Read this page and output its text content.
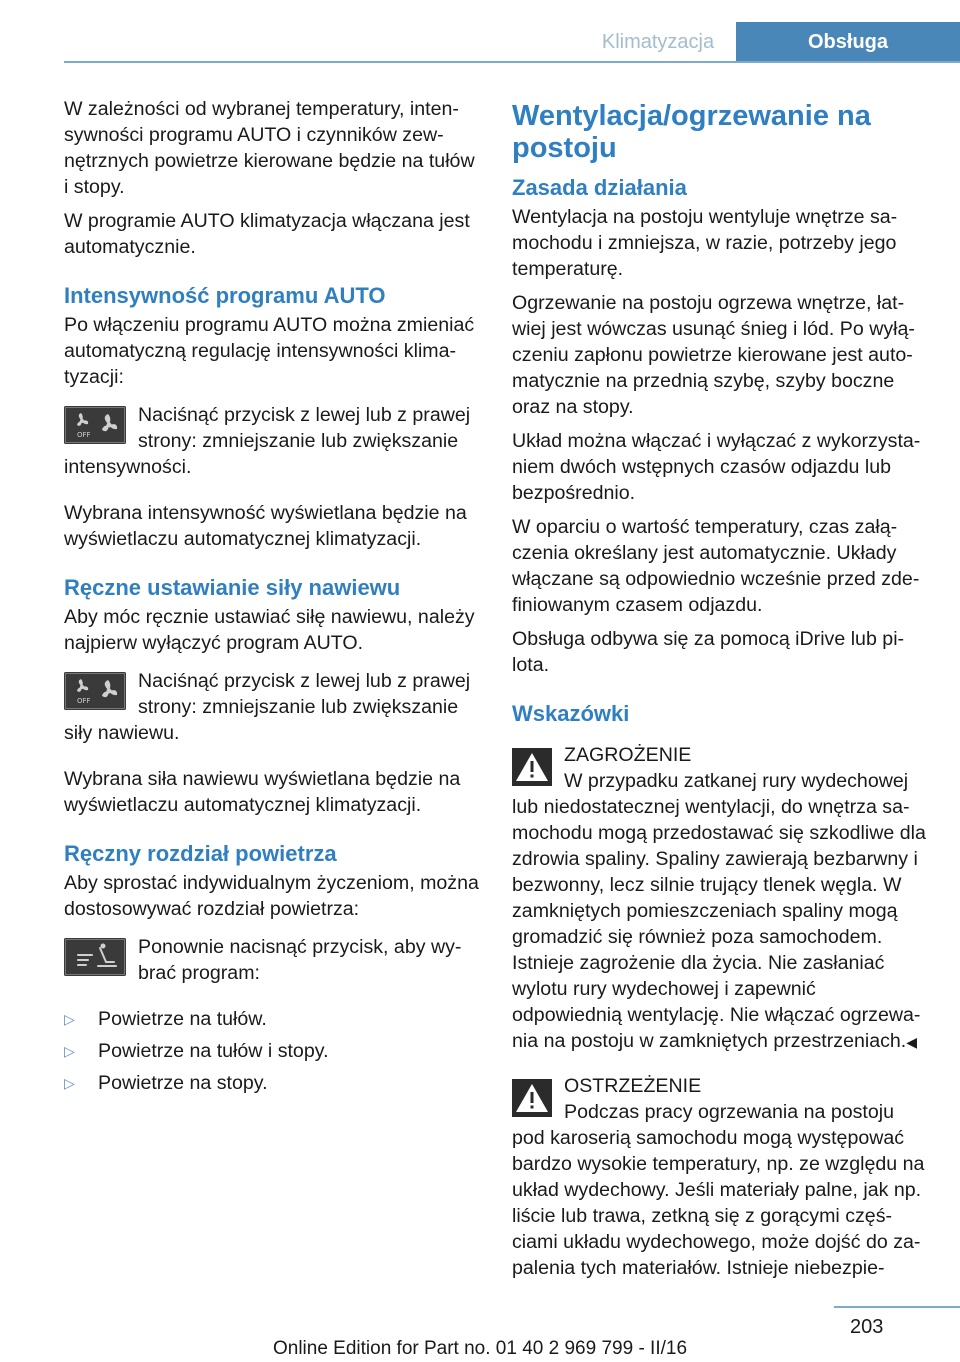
Klimatyzacja	Obsługa

W zależności od wybranej temperatury, intensywności programu AUTO i czynników zewnętrznych powietrze kierowane będzie na tułów i stopy.

W programie AUTO klimatyzacja włączana jest automatycznie.

Intensywność programu AUTO

Po włączeniu programu AUTO można zmieniać automatyczną regulację intensywności klimatyzacji:

OFF
Naciśnąć przycisk z lewej lub z prawej strony: zmniejszanie lub zwiększanie intensywności.

Wybrana intensywność wyświetlana będzie na wyświetlaczu automatycznej klimatyzacji.

Ręczne ustawianie siły nawiewu

Aby móc ręcznie ustawiać siłę nawiewu, należy najpierw wyłączyć program AUTO.

OFF
Naciśnąć przycisk z lewej lub z prawej strony: zmniejszanie lub zwiększanie siły nawiewu.

Wybrana siła nawiewu wyświetlana będzie na wyświetlaczu automatycznej klimatyzacji.

Ręczny rozdział powietrza

Aby sprostać indywidualnym życzeniom, można dostosowywać rozdział powietrza:

Ponownie nacisnąć przycisk, aby wybrać program:
▷ Powietrze na tułów.
▷ Powietrze na tułów i stopy.
▷ Powietrze na stopy.
Wentylacja/ogrzewanie na postoju
Zasada działania

Wentylacja na postoju wentyluje wnętrze samochodu i zmniejsza, w razie, potrzeby jego temperaturę.

Ogrzewanie na postoju ogrzewa wnętrze, łatwiej jest wówczas usunąć śnieg i lód. Po wyłączeniu zapłonu powietrze kierowane jest automatycznie na przednią szybę, szyby boczne oraz na stopy.

Układ można włączać i wyłączać z wykorzystaniem dwóch wstępnych czasów odjazdu lub bezpośrednio.

W oparciu o wartość temperatury, czas załączenia określany jest automatycznie. Układy włączane są odpowiednio wcześnie przed zdefiniowanym czasem odjazdu.

Obsługa odbywa się za pomocą iDrive lub pilota.

Wskazówki
ZAGROŻENIE
W przypadku zatkanej rury wydechowej lub niedostatecznej wentylacji, do wnętrza samochodu mogą przedostawać się szkodliwe dla zdrowia spaliny. Spaliny zawierają bezbarwny i bezwonny, lecz silnie trujący tlenek węgla. W zamkniętych pomieszczeniach spaliny mogą gromadzić się również poza samochodem. Istnieje zagrożenie dla życia. Nie zasłaniać wylotu rury wydechowej i zapewnić odpowiednią wentylację. Nie włączać ogrzewania na postoju w zamkniętych przestrzeniach.◀
OSTRZEŻENIE
Podczas pracy ogrzewania na postoju pod karoserią samochodu mogą występować bardzo wysokie temperatury, np. ze względu na układ wydechowy. Jeśli materiały palne, jak np. liście lub trawa, zetkną się z gorącymi częściami układu wydechowego, może dojść do zapalenia tych materiałów. Istnieje niebezpie-
203
Online Edition for Part no. 01 40 2 969 799 - II/16
